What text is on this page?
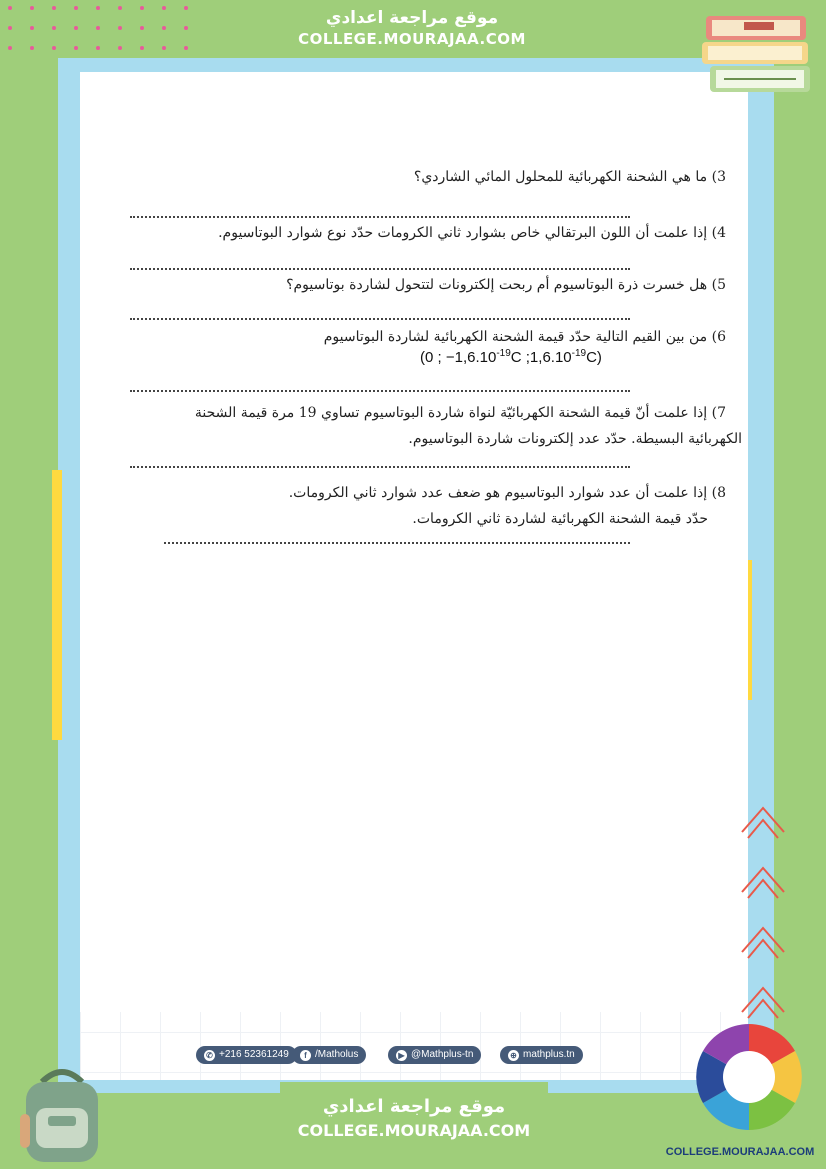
موقع مراجعة اعدادي
COLLEGE.MOURAJAA.COM
3) ما هي الشحنة الكهربائية للمحلول المائي الشاردي؟
4) إذا علمت أن اللون البرتقالي خاص بشوارد ثاني الكرومات حدّد نوع شوارد البوتاسيوم.
5) هل خسرت ذرة البوتاسيوم أم ربحت إلكترونات لتتحول لشاردة بوتاسيوم؟
6) من بين القيم التالية حدّد قيمة الشحنة الكهربائية لشاردة البوتاسيوم
(0 ; $-1,6.10^{-19}C$ $;1,6.10^{-19}C$)
7) إذا علمت أنّ قيمة الشحنة الكهربائيّة لنواة شاردة البوتاسيوم تساوي 19 مرة قيمة الشحنة
الكهربائية البسيطة. حدّد عدد إلكترونات شاردة البوتاسيوم.
8) إذا علمت أن عدد شوارد البوتاسيوم هو ضعف عدد شوارد ثاني الكرومات.
حدّد قيمة الشحنة الكهربائية لشاردة ثاني الكرومات.
✆ +216 52361249	f /Matholus	▶ @Mathplus-tn	⊕ mathplus.tn
موقع مراجعة اعدادي
COLLEGE.MOURAJAA.COM
COLLEGE.MOURAJAA.COM
